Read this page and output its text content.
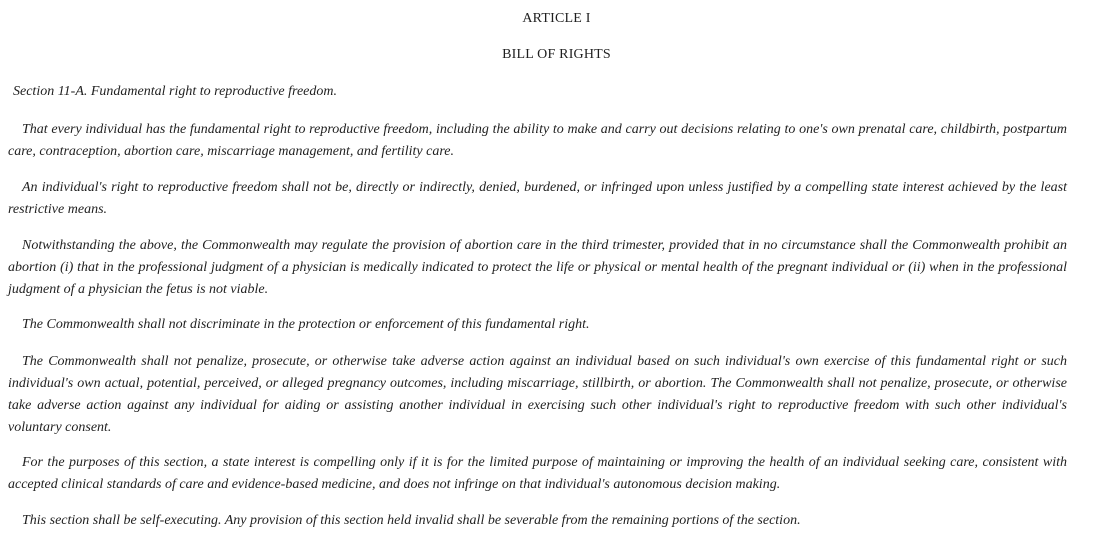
ARTICLE I

BILL OF RIGHTS

Section 11-A. Fundamental right to reproductive freedom.

That every individual has the fundamental right to reproductive freedom, including the ability to make and carry out decisions relating to one's own prenatal care, childbirth, postpartum care, contraception, abortion care, miscarriage management, and fertility care.

An individual's right to reproductive freedom shall not be, directly or indirectly, denied, burdened, or infringed upon unless justified by a compelling state interest achieved by the least restrictive means.

Notwithstanding the above, the Commonwealth may regulate the provision of abortion care in the third trimester, provided that in no circumstance shall the Commonwealth prohibit an abortion (i) that in the professional judgment of a physician is medically indicated to protect the life or physical or mental health of the pregnant individual or (ii) when in the professional judgment of a physician the fetus is not viable.

The Commonwealth shall not discriminate in the protection or enforcement of this fundamental right.

The Commonwealth shall not penalize, prosecute, or otherwise take adverse action against an individual based on such individual's own exercise of this fundamental right or such individual's own actual, potential, perceived, or alleged pregnancy outcomes, including miscarriage, stillbirth, or abortion. The Commonwealth shall not penalize, prosecute, or otherwise take adverse action against any individual for aiding or assisting another individual in exercising such other individual's right to reproductive freedom with such other individual's voluntary consent.

For the purposes of this section, a state interest is compelling only if it is for the limited purpose of maintaining or improving the health of an individual seeking care, consistent with accepted clinical standards of care and evidence-based medicine, and does not infringe on that individual's autonomous decision making.

This section shall be self-executing. Any provision of this section held invalid shall be severable from the remaining portions of the section.
